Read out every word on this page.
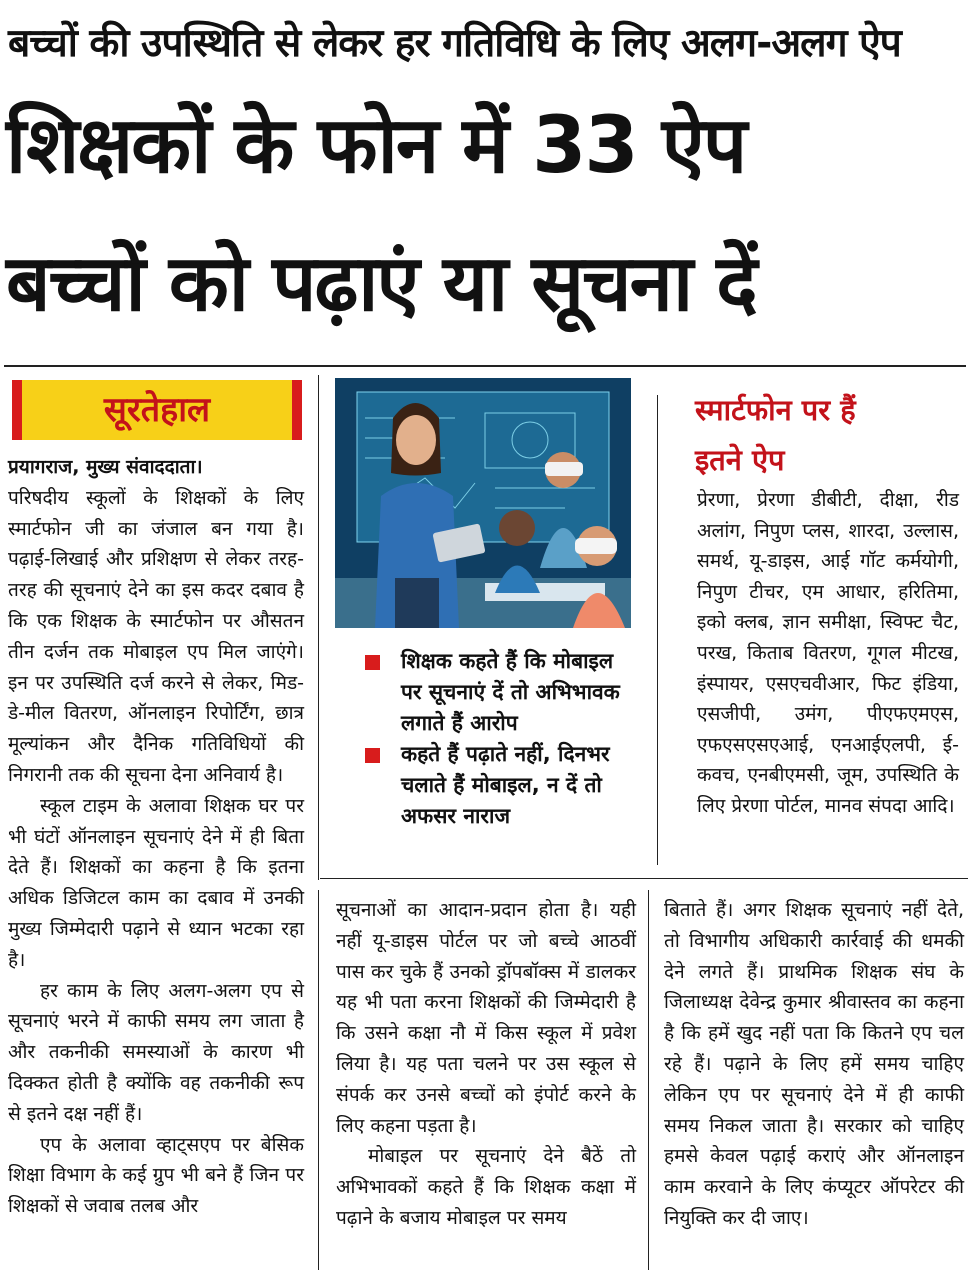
बच्चों की उपस्थिति से लेकर हर गतिविधि के लिए अलग-अलग ऐप
शिक्षकों के फोन में 33 ऐप
बच्चों को पढ़ाएं या सूचना दें
सूरतेहाल

प्रयागराज, मुख्य संवाददाता।

परिषदीय स्कूलों के शिक्षकों के लिए स्मार्टफोन जी का जंजाल बन गया है। पढ़ाई-लिखाई और प्रशिक्षण से लेकर तरह-तरह की सूचनाएं देने का इस कदर दबाव है कि एक शिक्षक के स्मार्टफोन पर औसतन तीन दर्जन तक मोबाइल एप मिल जाएंगे। इन पर उपस्थिति दर्ज करने से लेकर, मिड-डे-मील वितरण, ऑनलाइन रिपोर्टिंग, छात्र मूल्यांकन और दैनिक गतिविधियों की निगरानी तक की सूचना देना अनिवार्य है।

स्कूल टाइम के अलावा शिक्षक घर पर भी घंटों ऑनलाइन सूचनाएं देने में ही बिता देते हैं। शिक्षकों का कहना है कि इतना अधिक डिजिटल काम का दबाव में उनकी मुख्य जिम्मेदारी पढ़ाने से ध्यान भटका रहा है।

हर काम के लिए अलग-अलग एप से सूचनाएं भरने में काफी समय लग जाता है और तकनीकी समस्याओं के कारण भी दिक्कत होती है क्योंकि वह तकनीकी रूप से इतने दक्ष नहीं हैं।

एप के अलावा व्हाट्सएप पर बेसिक शिक्षा विभाग के कई ग्रुप भी बने हैं जिन पर शिक्षकों से जवाब तलब और

शिक्षक कहते हैं कि मोबाइल पर सूचनाएं दें तो अभिभावक लगाते हैं आरोप
कहते हैं पढ़ाते नहीं, दिनभर चलाते हैं मोबाइल, न दें तो अफसर नाराज
स्मार्टफोन पर हैं
इतने ऐप
प्रेरणा, प्रेरणा डीबीटी, दीक्षा, रीड अलांग, निपुण प्लस, शारदा, उल्लास, समर्थ, यू-डाइस, आई गॉट कर्मयोगी, निपुण टीचर, एम आधार, हरितिमा, इको क्लब, ज्ञान समीक्षा, स्विफ्ट चैट, परख, किताब वितरण, गूगल मीटख, इंस्पायर, एसएचवीआर, फिट इंडिया, एसजीपी, उमंग, पीएफएमएस, एफएसएसएआई, एनआईएलपी, ई-कवच, एनबीएमसी, जूम, उपस्थिति के लिए प्रेरणा पोर्टल, मानव संपदा आदि।

सूचनाओं का आदान-प्रदान होता है। यही नहीं यू-डाइस पोर्टल पर जो बच्चे आठवीं पास कर चुके हैं उनको ड्रॉपबॉक्स में डालकर यह भी पता करना शिक्षकों की जिम्मेदारी है कि उसने कक्षा नौ में किस स्कूल में प्रवेश लिया है। यह पता चलने पर उस स्कूल से संपर्क कर उनसे बच्चों को इंपोर्ट करने के लिए कहना पड़ता है।

मोबाइल पर सूचनाएं देने बैठें तो अभिभावकों कहते हैं कि शिक्षक कक्षा में पढ़ाने के बजाय मोबाइल पर समय

बिताते हैं। अगर शिक्षक सूचनाएं नहीं देते, तो विभागीय अधिकारी कार्रवाई की धमकी देने लगते हैं। प्राथमिक शिक्षक संघ के जिलाध्यक्ष देवेन्द्र कुमार श्रीवास्तव का कहना है कि हमें खुद नहीं पता कि कितने एप चल रहे हैं। पढ़ाने के लिए हमें समय चाहिए लेकिन एप पर सूचनाएं देने में ही काफी समय निकल जाता है। सरकार को चाहिए हमसे केवल पढ़ाई कराएं और ऑनलाइन काम करवाने के लिए कंप्यूटर ऑपरेटर की नियुक्ति कर दी जाए।
